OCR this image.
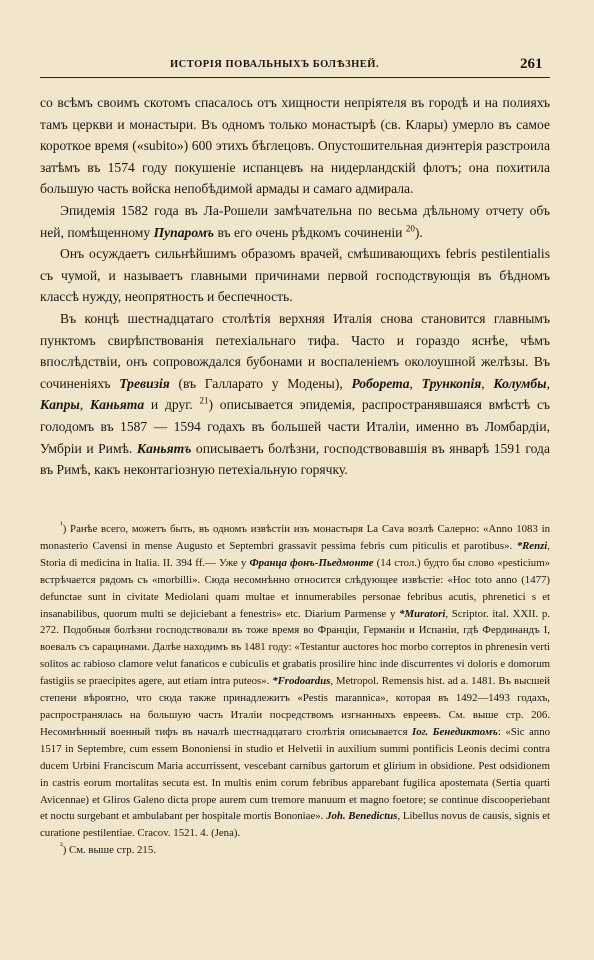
ИСТОРІЯ ПОВАЛЬНЫХЪ БОЛѢЗНЕЙ.	261

со всѣмъ своимъ скотомъ спасалось отъ хищности непріятеля въ городѣ и на полияхъ тамъ церкви и монастыри. Въ одномъ только монастырѣ (св. Клары) умерло въ самое короткое время («subito») 600 этихъ бѣглецовъ. Опустошительная диэнтерія разстроила затѣмъ въ 1574 году покушеніе испанцевъ на нидерландскій флотъ; она похитила большую часть войска непобѣдимой армады и самаго адмирала.

Эпидемія 1582 года въ Ла-Рошели замѣчательна по весьма дѣльному отчету объ ней, помѣщенному Пупаромъ въ его очень рѣдкомъ сочиненіи $^{20}$).

Онъ осуждаетъ сильнѣйшимъ образомъ врачей, смѣшивающихъ febris pestilentialis съ чумой, и называетъ главными причинами первой господствующія въ бѣдномъ классѣ нужду, неопрятность и беспечность.

Въ концѣ шестнадцатаго столѣтія верхняя Италія снова становится главнымъ пунктомъ свирѣпствованія петехіальнаго тифа. Часто и гораздо яснѣе, чѣмъ впослѣдствіи, онъ сопровождался бубонами и воспаленіемъ околоушной желѣзы. Въ сочиненіяхъ Тревизія (въ Галларато у Модены), Роборета, Трункопія, Колумбы, Капры, Каньята и друг. $^{21}$) описывается эпидемія, распространявшаяся вмѣстѣ съ голодомъ въ 1587 — 1594 годахъ въ большей части Италіи, именно въ Ломбардіи, Умбріи и Римѣ. Каньятъ описываетъ болѣзни, господствовавшія въ январѣ 1591 года въ Римѣ, какъ неконтагіозную петехіальную горячку.

$^{^1}$) Ранѣе всего, можетъ быть, въ одномъ извѣстіи изъ монастыря La Cava возлѣ Салерно: «Anno 1083 in monasterio Cavensi in mense Augusto et Septembri grassavit pessima febris cum piticulis et parotibus». *Renzi, Storia di medicina in Italia. II. 394 ff.— Уже у Франца фонъ-Пьедмонте (14 стол.) будто бы слово «pesticium» встрѣчается рядомъ съ «morbilli». Сюда несомнѣнно относится слѣдующее извѣстіе: «Hoc toto anno (1477) defunctae sunt in civitate Mediolani quam multae et innumerabiles personae febribus acutis, phrenetici s et insanabilibus, quorum multi se dejiciebant a fenestris» etc. Diarium Parmense y *Muratori, Scriptor. ital. XXII. p. 272. Подобныя болѣзни господствовали въ тоже время во Франціи, Германіи и Испаніи, гдѣ Фердинандъ I, воевалъ съ сарацинами. Далѣе находимъ въ 1481 году: «Testantur auctores hoc morbo correptos in phrenesin verti solitos ac rabioso clamore velut fanaticos e cubiculis et grabatis prosilire hinc inde discurrentes vi doloris e domorum fastigiis se praecipites agere, aut etiam intra puteos». *Frodoardus, Metropol. Remensis hist. ad a. 1481. Въ высшей степени вѣроятно, что сюда также принадлежитъ «Pestis marannica», которая въ 1492—1493 годахъ, распространялась на большую часть Италіи посредствомъ изгнанныхъ евреевъ. См. выше стр. 206. Несомнѣнный военный тифъ въ началѣ шестнадцатаго столѣтія описывается Іог. Бенедиктомъ: «Sic anno 1517 in Septembre, cum essem Bononiensi in studio et Helvetii in auxilium summi pontificis Leonis decimi contra ducem Urbini Franciscum Maria accurrissent, vescebant carnibus gartorum et glirium in obsidione. Pest odsidionem in castris eorum mortalitas secuta est. In multis enim corum febribus apparebant fugilica apostemata (Sertia quarti Avicennae) et Gliros Galeno dicta prope aurem cum tremore manuum et magno foetore; se continue discooperiebant et noctu surgebant et ambulabant per hospitale mortis Bononiae». Joh. Benedictus, Libellus novus de causis, signis et curatione pestilentiae. Cracov. 1521. 4. (Jena).

$^{^2}$) См. выше стр. 215.
